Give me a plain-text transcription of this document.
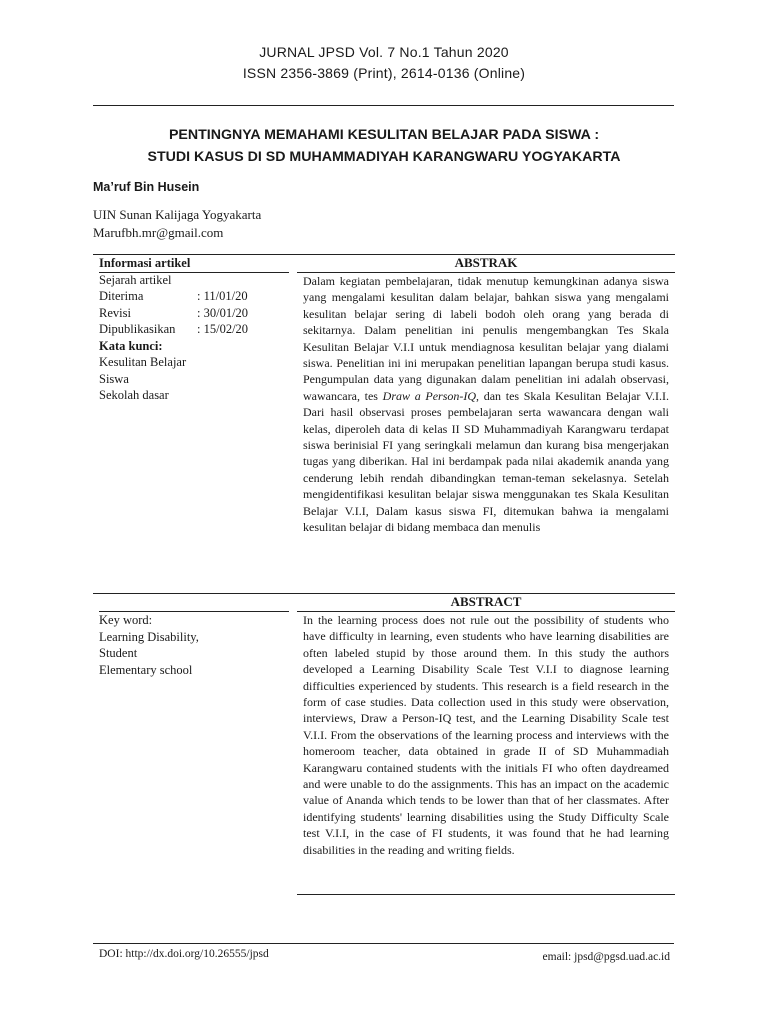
JURNAL JPSD Vol. 7 No.1 Tahun 2020
ISSN 2356-3869 (Print), 2614-0136 (Online)
PENTINGNYA MEMAHAMI KESULITAN BELAJAR PADA SISWA :
STUDI KASUS DI SD MUHAMMADIYAH KARANGWARU YOGYAKARTA
Ma’ruf Bin Husein
UIN Sunan Kalijaga Yogyakarta
Marufbh.mr@gmail.com
Informasi artikel
Sejarah artikel
Diterima	: 11/01/20
Revisi	: 30/01/20
Dipublikasikan	: 15/02/20
Kata kunci:
Kesulitan Belajar
Siswa
Sekolah dasar
ABSTRAK
Dalam kegiatan pembelajaran, tidak menutup kemungkinan adanya siswa yang mengalami kesulitan dalam belajar, bahkan siswa yang mengalami kesulitan belajar sering di labeli bodoh oleh orang yang berada di sekitarnya. Dalam penelitian ini penulis mengembangkan Tes Skala Kesulitan Belajar V.I.I untuk mendiagnosa kesulitan belajar yang dialami siswa. Penelitian ini ini merupakan penelitian lapangan berupa studi kasus. Pengumpulan data yang digunakan dalam penelitian ini adalah observasi, wawancara, tes Draw a Person-IQ, dan tes Skala Kesulitan Belajar V.I.I. Dari hasil observasi proses pembelajaran serta wawancara dengan wali kelas, diperoleh data di kelas II SD Muhammadiyah Karangwaru terdapat siswa berinisial FI yang seringkali melamun dan kurang bisa mengerjakan tugas yang diberikan. Hal ini berdampak pada nilai akademik ananda yang cenderung lebih rendah dibandingkan teman-teman sekelasnya. Setelah mengidentifikasi kesulitan belajar siswa menggunakan tes Skala Kesulitan Belajar V.I.I, Dalam kasus siswa FI, ditemukan bahwa ia mengalami kesulitan belajar di bidang membaca dan menulis
ABSTRACT
Key word:
Learning Disability,
Student
Elementary school
In the learning process does not rule out the possibility of students who have difficulty in learning, even students who have learning disabilities are often labeled stupid by those around them. In this study the authors developed a Learning Disability Scale Test V.I.I to diagnose learning difficulties experienced by students. This research is a field research in the form of case studies. Data collection used in this study were observation, interviews, Draw a Person-IQ test, and the Learning Disability Scale test V.I.I. From the observations of the learning process and interviews with the homeroom teacher, data obtained in grade II of SD Muhammadiah Karangwaru contained students with the initials FI who often daydreamed and were unable to do the assignments. This has an impact on the academic value of Ananda which tends to be lower than that of her classmates. After identifying students' learning disabilities using the Study Difficulty Scale test V.I.I, in the case of FI students, it was found that he had learning disabilities in the reading and writing fields.
DOI: http://dx.doi.org/10.26555/jpsd	email: jpsd@pgsd.uad.ac.id
